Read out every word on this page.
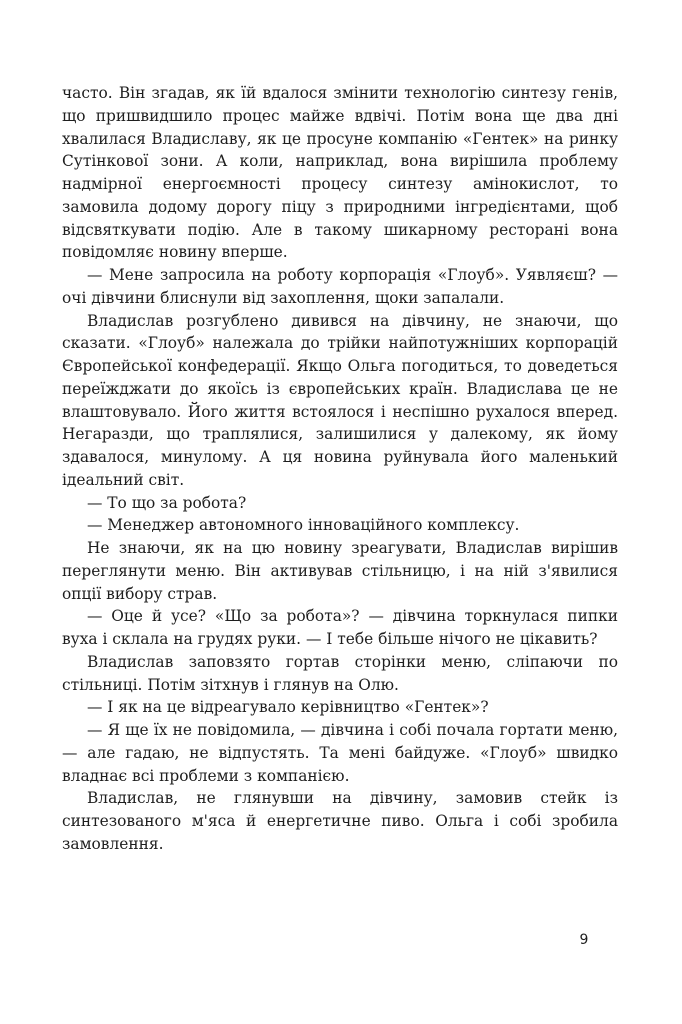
часто. Він згадав, як їй вдалося змінити технологію синтезу генів, що пришвидшило процес майже вдвічі. Потім вона ще два дні хвалилася Владиславу, як це просуне компанію «Гентек» на ринку Сутінкової зони. А коли, наприклад, вона вирішила проблему надмірної енергоємності процесу синтезу амінокислот, то замовила додому дорогу піцу з природними інгредієнтами, щоб відсвяткувати подію. Але в такому шикарному ресторані вона повідомляє новину вперше.

— Мене запросила на роботу корпорація «Глоуб». Уявляєш? — очі дівчини блиснули від захоплення, щоки запалали.

Владислав розгублено дивився на дівчину, не знаючи, що сказати. «Глоуб» належала до трійки найпотужніших корпорацій Європейської конфедерації. Якщо Ольга погодиться, то доведеться переїжджати до якоїсь із європейських країн. Владислава це не влаштовувало. Його життя встоялося і неспішно рухалося вперед. Негаразди, що траплялися, залишилися у далекому, як йому здавалося, минулому. А ця новина руйнувала його маленький ідеальний світ.

— То що за робота?

— Менеджер автономного інноваційного комплексу.

Не знаючи, як на цю новину зреагувати, Владислав вирішив переглянути меню. Він активував стільницю, і на ній з'явилися опції вибору страв.

— Оце й усе? «Що за робота»? — дівчина торкнулася пипки вуха і склала на грудях руки. — І тебе більше нічого не цікавить?

Владислав заповзято гортав сторінки меню, сліпаючи по стільниці. Потім зітхнув і глянув на Олю.

— І як на це відреагувало керівництво «Гентек»?

— Я ще їх не повідомила, — дівчина і собі почала гортати меню, — але гадаю, не відпустять. Та мені байдуже. «Глоуб» швидко владнає всі проблеми з компанією.

Владислав, не глянувши на дівчину, замовив стейк із синтезованого м'яса й енергетичне пиво. Ольга і собі зробила замовлення.

9
